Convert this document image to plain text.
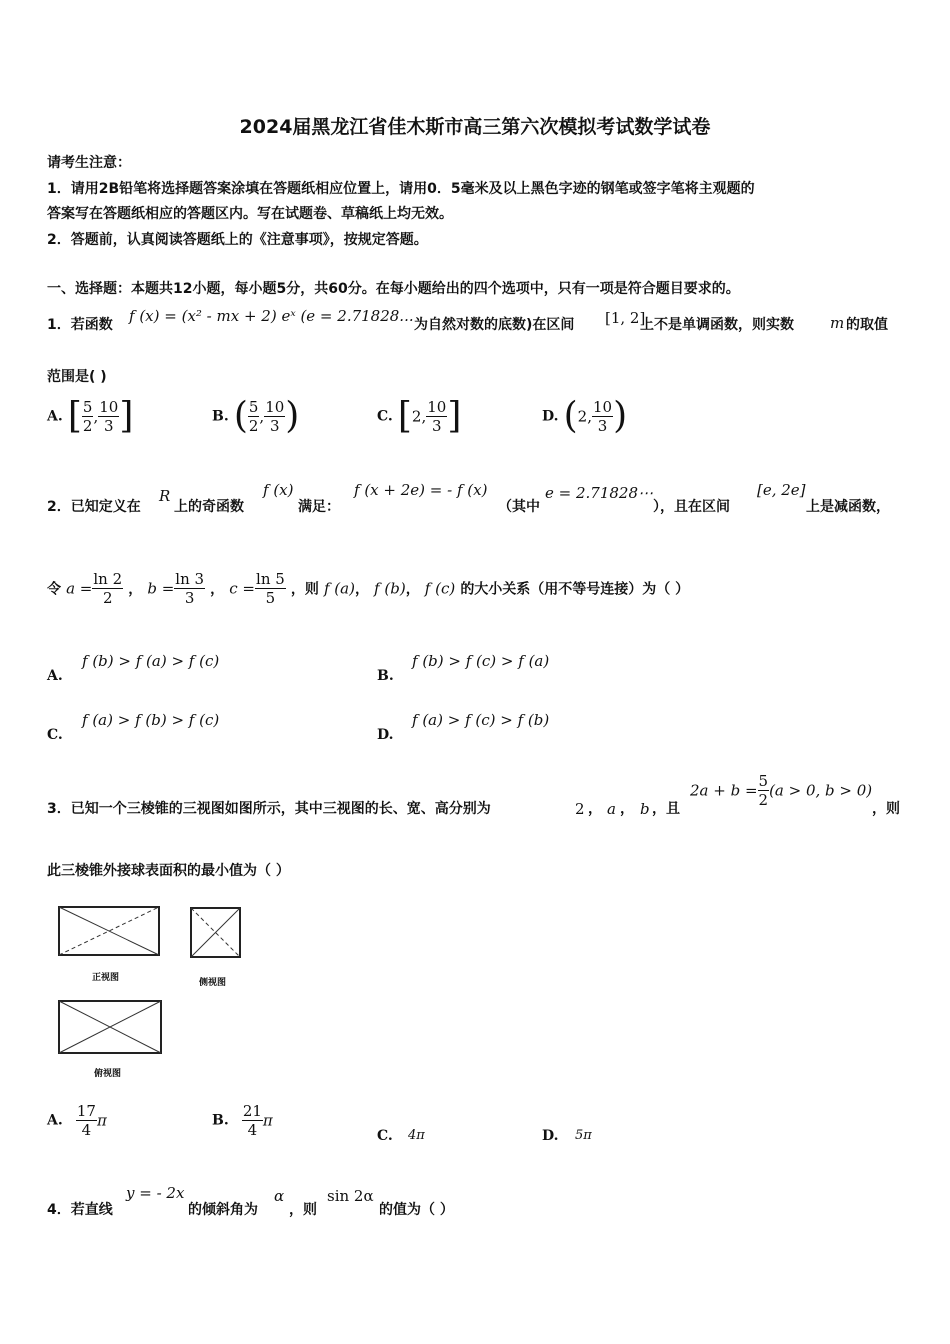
2024届黑龙江省佳木斯市高三第六次模拟考试数学试卷
请考生注意：
1．请用2B铅笔将选择题答案涂填在答题纸相应位置上，请用0．5毫米及以上黑色字迹的钢笔或签字笔将主观题的
答案写在答题纸相应的答题区内。写在试题卷、草稿纸上均无效。
2．答题前，认真阅读答题纸上的《注意事项》，按规定答题。
一、选择题：本题共12小题，每小题5分，共60分。在每小题给出的四个选项中，只有一项是符合题目要求的。
1．若函数 f (x) = (x² - mx + 2) eˣ (e = 2.71828... 为自然对数的底数)在区间 [1, 2]
上不是单调函数，则实数 m 的取值
范围是( )
A. [ $\frac{5}{2}$ , $\frac{10}{3}$ ]	B. ( $\frac{5}{2}$ , $\frac{10}{3}$ )	C. [2, $\frac{10}{3}$ ]	D. (2, $\frac{10}{3}$ )
2．已知定义在
R
上的奇函数
f (x)
满足：
f (x + 2e) = - f (x)
（其中
e = 2.71828⋯
），且在区间
[e, 2e]
上是减函数，
令 $a = \frac{\ln 2}{2}$ ， $b = \frac{\ln 3}{3}$ ， $c = \frac{\ln 5}{5}$ ，则 f (a)， f (b)， f (c) 的大小关系（用不等号连接）为（ ）
A.
f (b) > f (a) > f (c)
B.
f (b) > f (c) > f (a)
C.
f (a) > f (b) > f (c)
D.
f (a) > f (c) > f (b)
3．已知一个三棱锥的三视图如图所示，其中三视图的长、宽、高分别为	2 ， a ， b ，且
$2a + b = \frac{5}{2} (a > 0$, b > 0)
，则
此三棱锥外接球表面积的最小值为（ ）
正视图	侧视图
俯视图
A. $\frac{17}{4}$ π	B. $\frac{21}{4}$ π
C. 4π	D. 5π
4．若直线
y = - 2x
的倾斜角为
α
，则
sin 2α
的值为（ ）
